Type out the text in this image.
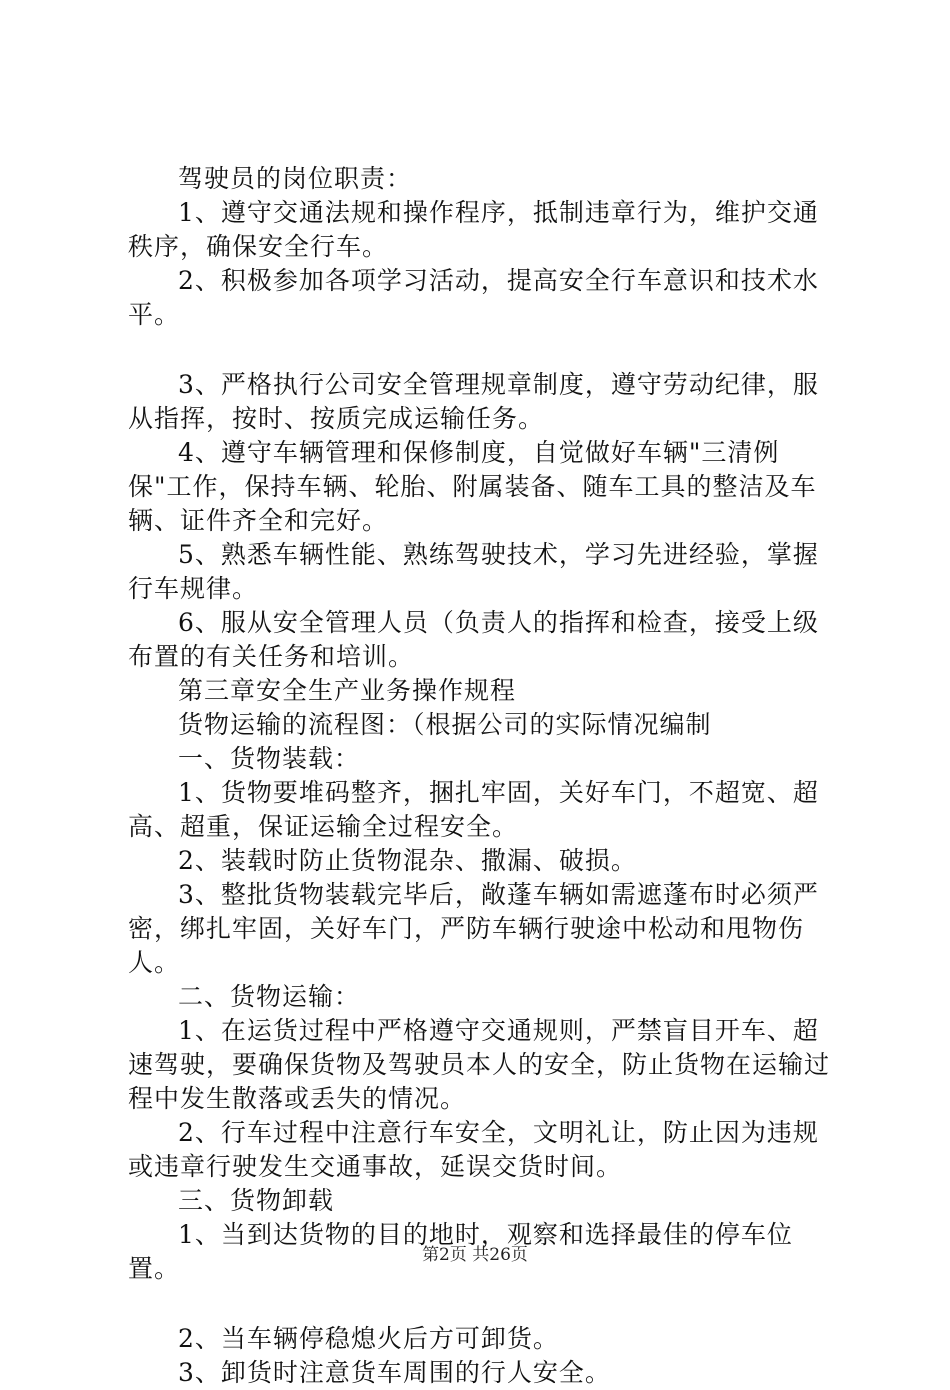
驾驶员的岗位职责：

1、遵守交通法规和操作程序，抵制违章行为，维护交通秩序，确保安全行车。

2、积极参加各项学习活动，提高安全行车意识和技术水平。

3、严格执行公司安全管理规章制度，遵守劳动纪律，服从指挥，按时、按质完成运输任务。

4、遵守车辆管理和保修制度，自觉做好车辆"三清例保"工作，保持车辆、轮胎、附属装备、随车工具的整洁及车辆、证件齐全和完好。

5、熟悉车辆性能、熟练驾驶技术，学习先进经验，掌握行车规律。

6、服从安全管理人员（负责人的指挥和检查，接受上级布置的有关任务和培训。

第三章安全生产业务操作规程

货物运输的流程图：（根据公司的实际情况编制

一、货物装载：

1、货物要堆码整齐，捆扎牢固，关好车门，不超宽、超高、超重，保证运输全过程安全。

2、装载时防止货物混杂、撒漏、破损。

3、整批货物装载完毕后，敞蓬车辆如需遮蓬布时必须严密，绑扎牢固，关好车门，严防车辆行驶途中松动和甩物伤人。

二、货物运输：

1、在运货过程中严格遵守交通规则，严禁盲目开车、超速驾驶，要确保货物及驾驶员本人的安全，防止货物在运输过程中发生散落或丢失的情况。

2、行车过程中注意行车安全，文明礼让，防止因为违规或违章行驶发生交通事故，延误交货时间。

三、货物卸载

1、当到达货物的目的地时，观察和选择最佳的停车位置。

2、当车辆停稳熄火后方可卸货。

3、卸货时注意货车周围的行人安全。

第2页 共26页
